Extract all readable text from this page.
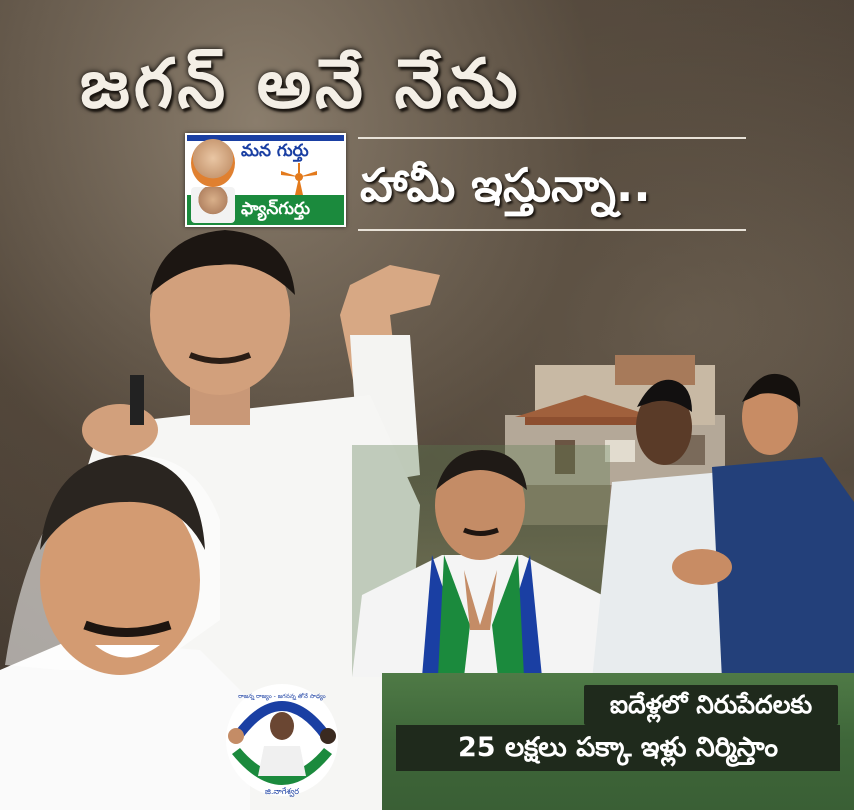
జగన్ అనే నేను
హామీ ఇస్తున్నా..
మన గుర్తు
ఫ్యాన్‌గుర్తు
ఐదేళ్లలో నిరుపేదలకు
25 లక్షలు పక్కా ఇళ్లు నిర్మిస్తాం
రాజన్న రాజ్యం - జగనన్న తోనే సాధ్యం
జి.నాగేశ్వర
